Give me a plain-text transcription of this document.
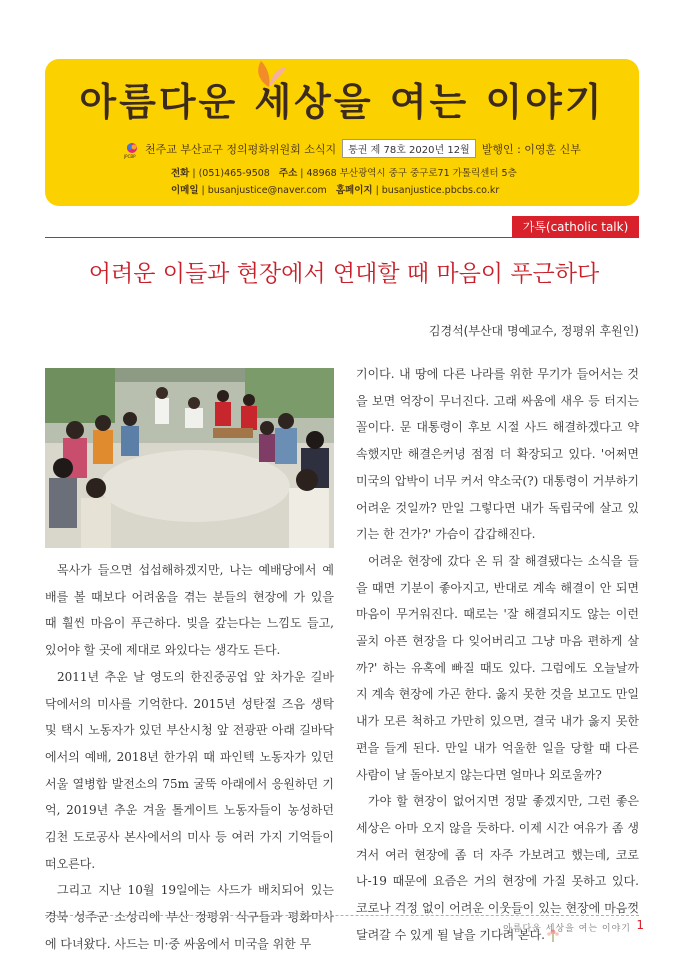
아름다운 세상을 여는 이야기
JPCBP
천주교 부산교구 정의평화위원회 소식지	통권 제 78호 2020년 12월	발행인 : 이영훈 신부
전화 | (051)465-9508 주소 | 48968 부산광역시 중구 중구로71 가톨릭센터 5층
이메일 | busanjustice@naver.com 홈페이지 | busanjustice.pbcbs.co.kr
가톡(catholic talk)
어려운 이들과 현장에서 연대할 때 마음이 푸근하다
김경석(부산대 명예교수, 정평위 후원인)

목사가 들으면 섭섭해하겠지만, 나는 예배당에서 예배를 볼 때보다 어려움을 겪는 분들의 현장에 가 있을 때 훨씬 마음이 푸근하다. 빚을 갚는다는 느낌도 들고, 있어야 할 곳에 제대로 와있다는 생각도 든다.

2011년 추운 날 영도의 한진중공업 앞 차가운 길바닥에서의 미사를 기억한다. 2015년 성탄절 즈음 생탁 및 택시 노동자가 있던 부산시청 앞 전광판 아래 길바닥에서의 예배, 2018년 한가위 때 파인텍 노동자가 있던 서울 열병합 발전소의 75m 굴뚝 아래에서 응원하던 기억, 2019년 추운 겨울 톨게이트 노동자들이 농성하던 김천 도로공사 본사에서의 미사 등 여러 가지 기억들이 떠오른다.

그리고 지난 10월 19일에는 사드가 배치되어 있는 경북 성주군 소성리에 부산 정평위 식구들과 평화미사에 다녀왔다. 사드는 미·중 싸움에서 미국을 위한 무

기이다. 내 땅에 다른 나라를 위한 무기가 들어서는 것을 보면 억장이 무너진다. 고래 싸움에 새우 등 터지는 꼴이다. 문 대통령이 후보 시절 사드 해결하겠다고 약속했지만 해결은커녕 점점 더 확장되고 있다. '어쩌면 미국의 압박이 너무 커서 약소국(?) 대통령이 거부하기 어려운 것일까? 만일 그렇다면 내가 독립국에 살고 있기는 한 건가?' 가슴이 갑갑해진다.

어려운 현장에 갔다 온 뒤 잘 해결됐다는 소식을 들을 때면 기분이 좋아지고, 반대로 계속 해결이 안 되면 마음이 무거워진다. 때로는 '잘 해결되지도 않는 이런 골치 아픈 현장을 다 잊어버리고 그냥 마음 편하게 살까?' 하는 유혹에 빠질 때도 있다. 그럼에도 오늘날까지 계속 현장에 가곤 한다. 옳지 못한 것을 보고도 만일 내가 모른 척하고 가만히 있으면, 결국 내가 옳지 못한 편을 들게 된다. 만일 내가 억울한 일을 당할 때 다른 사람이 날 돌아보지 않는다면 얼마나 외로울까?

가야 할 현장이 없어지면 정말 좋겠지만, 그런 좋은 세상은 아마 오지 않을 듯하다. 이제 시간 여유가 좀 생겨서 여러 현장에 좀 더 자주 가보려고 했는데, 코로나-19 때문에 요즘은 거의 현장에 가질 못하고 있다. 코로나 걱정 없이 어려운 이웃들이 있는 현장에 마음껏 달려갈 수 있게 될 날을 기다려 본다.

아름다운 세상을 여는 이야기 1
